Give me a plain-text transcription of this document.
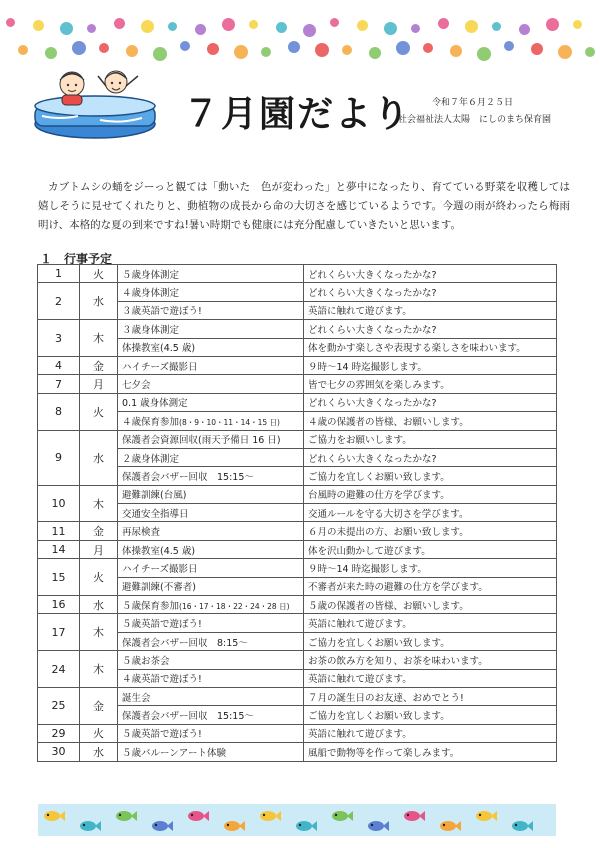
７月園だより 令和７年６月２５日
社会福祉法人太陽　にしのまち保育園
カブトムシの蛹をジーっと観ては「動いた　色が変わった」と夢中になったり、育てている野菜を収穫しては嬉しそうに見せてくれたりと、動植物の成長から命の大切さを感じているようです。今週の雨が終わったら梅雨明け、本格的な夏の到来ですね!暑い時期でも健康には充分配慮していきたいと思います。
１　行事予定
1	火	５歳身体測定	どれくらい大きくなったかな?
2	水	４歳身体測定	どれくらい大きくなったかな?
		３歳英語で遊ぼう!	英語に触れて遊びます。
3	木	３歳身体測定	どれくらい大きくなったかな?
		体操教室(4.5 歳)	体を動かす楽しさや表現する楽しさを味わいます。
4	金	ハイチーズ撮影日	９時～14 時迄撮影します。
7	月	七夕会	皆で七夕の雰囲気を楽しみます。
8	火	0.1 歳身体測定	どれくらい大きくなったかな?
		４歳保育参加(8・9・10・11・14・15 日)	４歳の保護者の皆様、お願いします。
9	水	保護者会資源回収(雨天予備日 16 日)	ご協力をお願いします。
		２歳身体測定	どれくらい大きくなったかな?
		保護者会バザー回収　15:15～	ご協力を宜しくお願い致します。
10	木	避難訓練(台風)	台風時の避難の仕方を学びます。
		交通安全指導日	交通ルールを守る大切さを学びます。
11	金	再尿検査	６月の未提出の方、お願い致します。
14	月	体操教室(4.5 歳)	体を沢山動かして遊びます。
15	火	ハイチーズ撮影日	９時～14 時迄撮影します。
		避難訓練(不審者)	不審者が来た時の避難の仕方を学びます。
16	水	５歳保育参加(16・17・18・22・24・28 日)	５歳の保護者の皆様、お願いします。
17	木	５歳英語で遊ぼう!	英語に触れて遊びます。
		保護者会バザー回収　8:15～	ご協力を宜しくお願い致します。
24	木	５歳お茶会	お茶の飲み方を知り、お茶を味わいます。
		４歳英語で遊ぼう!	英語に触れて遊びます。
25	金	誕生会	７月の誕生日のお友達、おめでとう!
		保護者会バザー回収　15:15～	ご協力を宜しくお願い致します。
29	火	５歳英語で遊ぼう!	英語に触れて遊びます。
30	水	５歳バルーンアート体験	風船で動物等を作って楽しみます。
